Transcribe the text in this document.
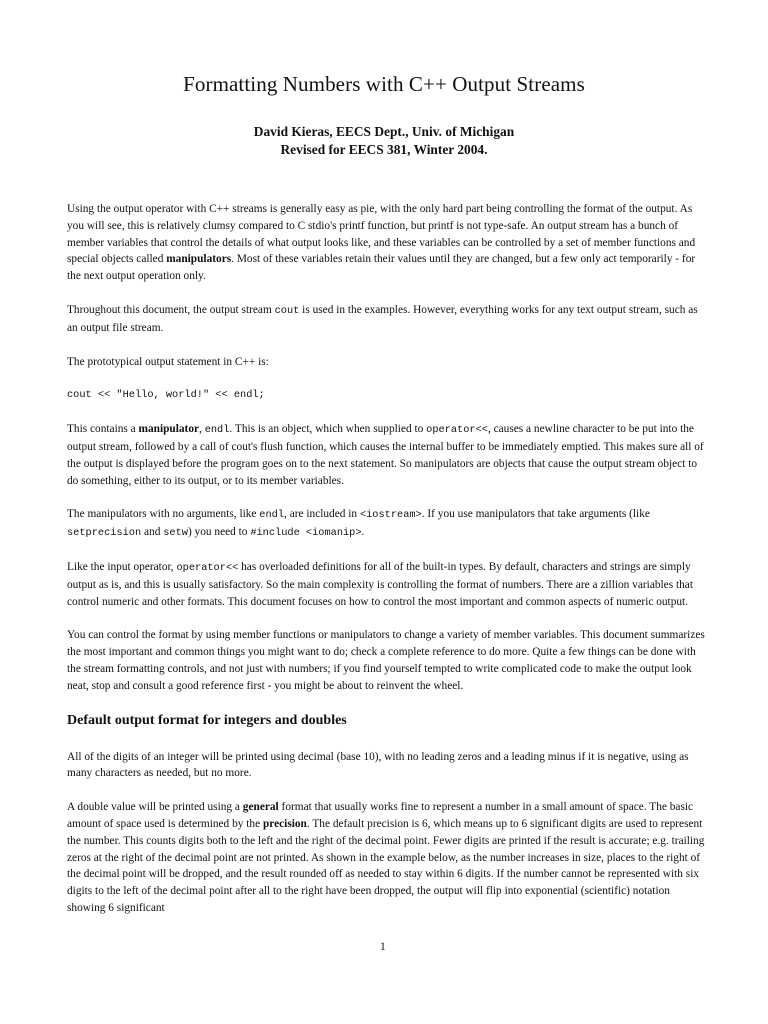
Formatting Numbers with C++ Output Streams
David Kieras, EECS Dept., Univ. of Michigan
Revised for EECS 381, Winter 2004.

Using the output operator with C++ streams is generally easy as pie, with the only hard part being controlling the format of the output. As you will see, this is relatively clumsy compared to C stdio's printf function, but printf is not type-safe. An output stream has a bunch of member variables that control the details of what output looks like, and these variables can be controlled by a set of member functions and special objects called manipulators. Most of these variables retain their values until they are changed, but a few only act temporarily - for the next output operation only.

Throughout this document, the output stream cout is used in the examples. However, everything works for any text output stream, such as an output file stream.

The prototypical output statement in C++ is:

cout << "Hello, world!" << endl;

This contains a manipulator, endl. This is an object, which when supplied to operator<<, causes a newline character to be put into the output stream, followed by a call of cout's flush function, which causes the internal buffer to be immediately emptied. This makes sure all of the output is displayed before the program goes on to the next statement. So manipulators are objects that cause the output stream object to do something, either to its output, or to its member variables.

The manipulators with no arguments, like endl, are included in <iostream>. If you use manipulators that take arguments (like setprecision and setw) you need to #include <iomanip>.

Like the input operator, operator<< has overloaded definitions for all of the built-in types. By default, characters and strings are simply output as is, and this is usually satisfactory. So the main complexity is controlling the format of numbers. There are a zillion variables that control numeric and other formats. This document focuses on how to control the most important and common aspects of numeric output.

You can control the format by using member functions or manipulators to change a variety of member variables. This document summarizes the most important and common things you might want to do; check a complete reference to do more. Quite a few things can be done with the stream formatting controls, and not just with numbers; if you find yourself tempted to write complicated code to make the output look neat, stop and consult a good reference first - you might be about to reinvent the wheel.

Default output format for integers and doubles

All of the digits of an integer will be printed using decimal (base 10), with no leading zeros and a leading minus if it is negative, using as many characters as needed, but no more.

A double value will be printed using a general format that usually works fine to represent a number in a small amount of space. The basic amount of space used is determined by the precision. The default precision is 6, which means up to 6 significant digits are used to represent the number. This counts digits both to the left and the right of the decimal point. Fewer digits are printed if the result is accurate; e.g. trailing zeros at the right of the decimal point are not printed. As shown in the example below, as the number increases in size, places to the right of the decimal point will be dropped, and the result rounded off as needed to stay within 6 digits. If the number cannot be represented with six digits to the left of the decimal point after all to the right have been dropped, the output will flip into exponential (scientific) notation showing 6 significant

1
